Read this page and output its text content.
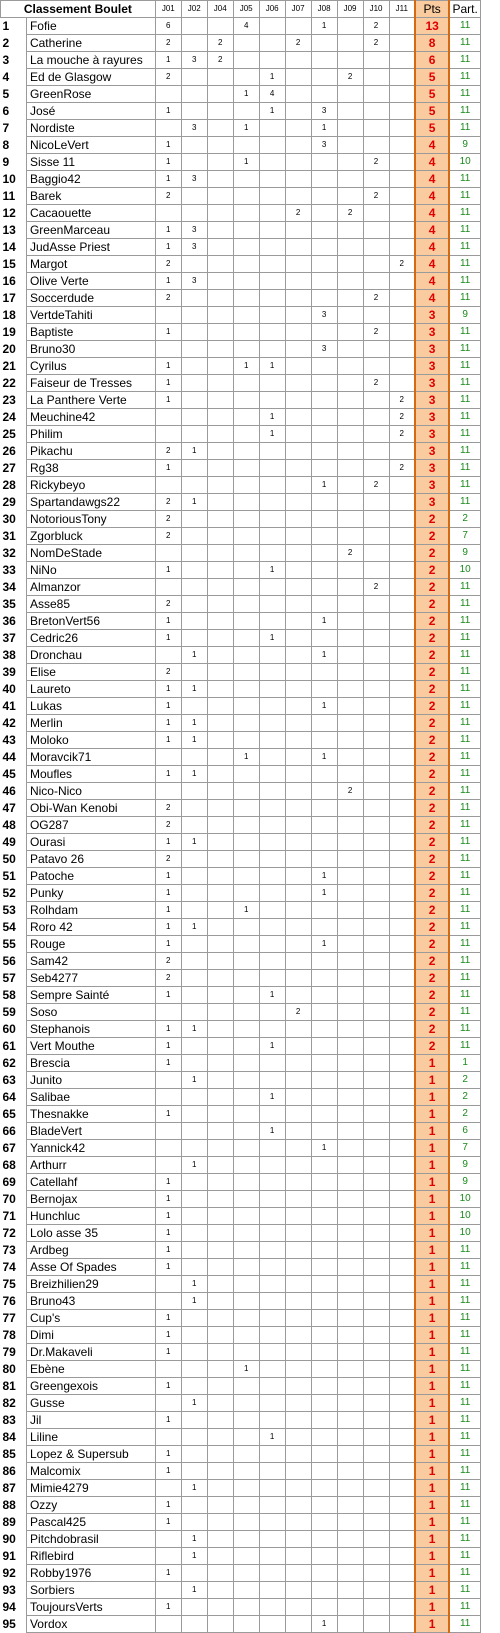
Classement Boulet		J01	J02	J04	J05	J06	J07	J08	J09	J10	J11	Pts	Part.
1	Fofie	6			4			1		2		13	11
2	Catherine	2		2			2			2		8	11
3	La mouche à rayures	1	3	2								6	11
4	Ed de Glasgow	2				1			2			5	11
5	GreenRose				1	4						5	11
6	José	1				1		3				5	11
7	Nordiste		3		1			1				5	11
8	NicoLeVert	1						3				4	9
9	Sisse 11	1			1					2		4	10
10	Baggio42	1	3									4	11
11	Barek	2								2		4	11
12	Cacaouette						2		2			4	11
13	GreenMarceau	1	3									4	11
14	JudAsse Priest	1	3									4	11
15	Margot	2									2	4	11
16	Olive Verte	1	3									4	11
17	Soccerdude	2								2		4	11
18	VertdeTahiti							3				3	9
19	Baptiste	1								2		3	11
20	Bruno30							3				3	11
21	Cyrilus	1			1	1						3	11
22	Faiseur de Tresses	1								2		3	11
23	La Panthere Verte	1									2	3	11
24	Meuchine42					1					2	3	11
25	Philim					1					2	3	11
26	Pikachu	2	1									3	11
27	Rg38	1									2	3	11
28	Rickybeyo							1		2		3	11
29	Spartandawgs22	2	1									3	11
30	NotoriousTony	2										2	2
31	Zgorbluck	2										2	7
32	NomDeStade								2			2	9
33	NiNo	1				1						2	10
34	Almanzor									2		2	11
35	Asse85	2										2	11
36	BretonVert56	1						1				2	11
37	Cedric26	1				1						2	11
38	Dronchau		1					1				2	11
39	Elise	2										2	11
40	Laureto	1	1									2	11
41	Lukas	1						1				2	11
42	Merlin	1	1									2	11
43	Moloko	1	1									2	11
44	Moravcik71				1			1				2	11
45	Moufles	1	1									2	11
46	Nico-Nico								2			2	11
47	Obi-Wan Kenobi	2										2	11
48	OG287	2										2	11
49	Ourasi	1	1									2	11
50	Patavo 26	2										2	11
51	Patoche	1						1				2	11
52	Punky	1						1				2	11
53	Rolhdam	1			1							2	11
54	Roro 42	1	1									2	11
55	Rouge	1						1				2	11
56	Sam42	2										2	11
57	Seb4277	2										2	11
58	Sempre Sainté	1				1						2	11
59	Soso						2					2	11
60	Stephanois	1	1									2	11
61	Vert Mouthe	1				1						2	11
62	Brescia	1										1	1
63	Junito		1									1	2
64	Salibae					1						1	2
65	Thesnakke	1										1	2
66	BladeVert					1						1	6
67	Yannick42							1				1	7
68	Arthurr		1									1	9
69	Catellahf	1										1	9
70	Bernojax	1										1	10
71	Hunchluc	1										1	10
72	Lolo asse 35	1										1	10
73	Ardbeg	1										1	11
74	Asse Of Spades	1										1	11
75	Breizhilien29		1									1	11
76	Bruno43		1									1	11
77	Cup's	1										1	11
78	Dimi	1										1	11
79	Dr.Makaveli	1										1	11
80	Ebène				1							1	11
81	Greengexois	1										1	11
82	Gusse		1									1	11
83	Jil	1										1	11
84	Liline					1						1	11
85	Lopez & Supersub	1										1	11
86	Malcomix	1										1	11
87	Mimie4279		1									1	11
88	Ozzy	1										1	11
89	Pascal425	1										1	11
90	Pitchdobrasil		1									1	11
91	Riflebird		1									1	11
92	Robby1976	1										1	11
93	Sorbiers		1									1	11
94	ToujoursVerts	1										1	11
95	Vordox							1				1	11
